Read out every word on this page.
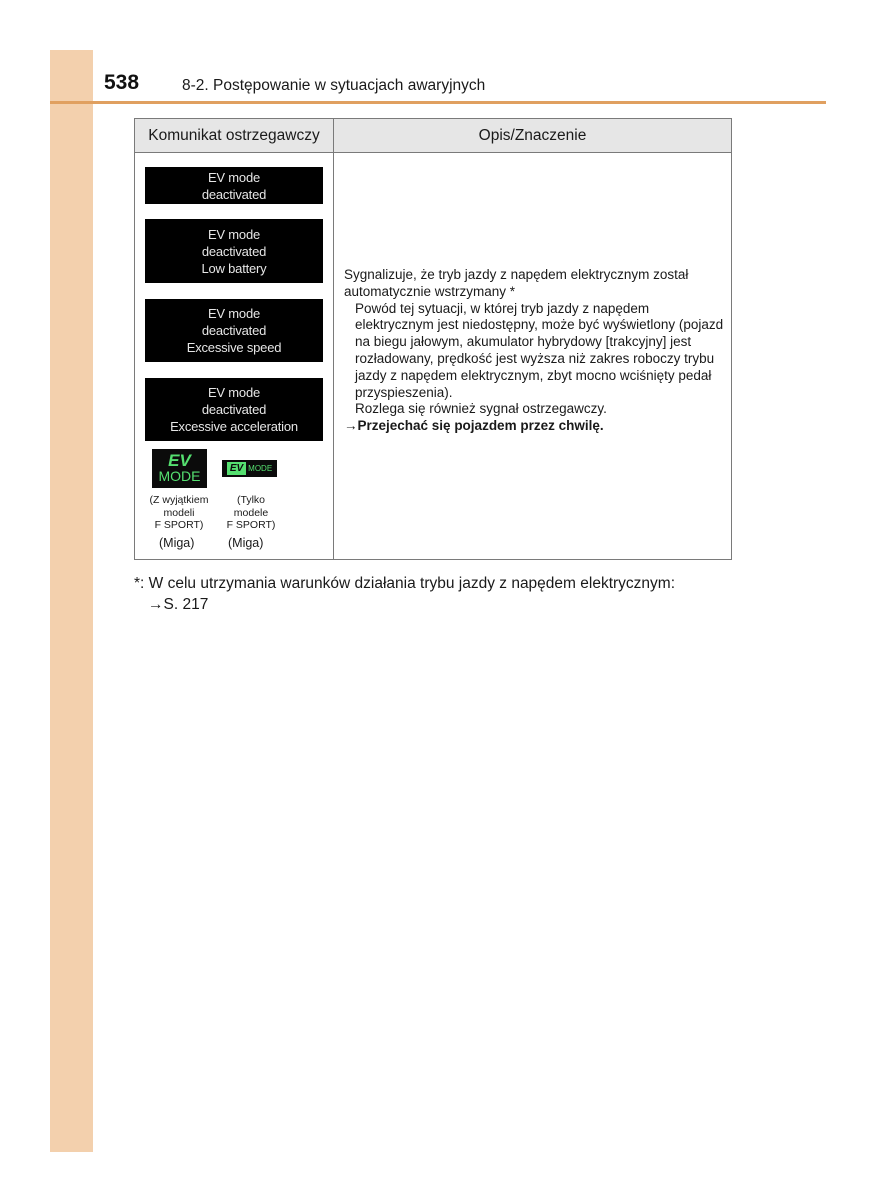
538	8-2. Postępowanie w sytuacjach awaryjnych
Komunikat ostrzegawczy	Opis/Znaczenie
EV mode
deactivated
EV mode
deactivated
Low battery
EV mode
deactivated
Excessive speed
EV mode
deactivated
Excessive acceleration
EV
MODE	EV MODE
(Z wyjątkiem
modeli
F SPORT)
(Tylko
modele
F SPORT)
(Miga)	(Miga)

Sygnalizuje, że tryb jazdy z napędem elektrycznym został automatycznie wstrzymany *

Powód tej sytuacji, w której tryb jazdy z napędem elektrycznym jest niedostępny, może być wyświetlony (pojazd na biegu jałowym, akumulator hybrydowy [trakcyjny] jest rozładowany, prędkość jest wyższa niż zakres roboczy trybu jazdy z napędem elektrycznym, zbyt mocno wciśnięty pedał przyspieszenia).

Rozlega się również sygnał ostrzegawczy.

→Przejechać się pojazdem przez chwilę.

*: W celu utrzymania warunków działania trybu jazdy z napędem elektrycznym:
→S. 217
